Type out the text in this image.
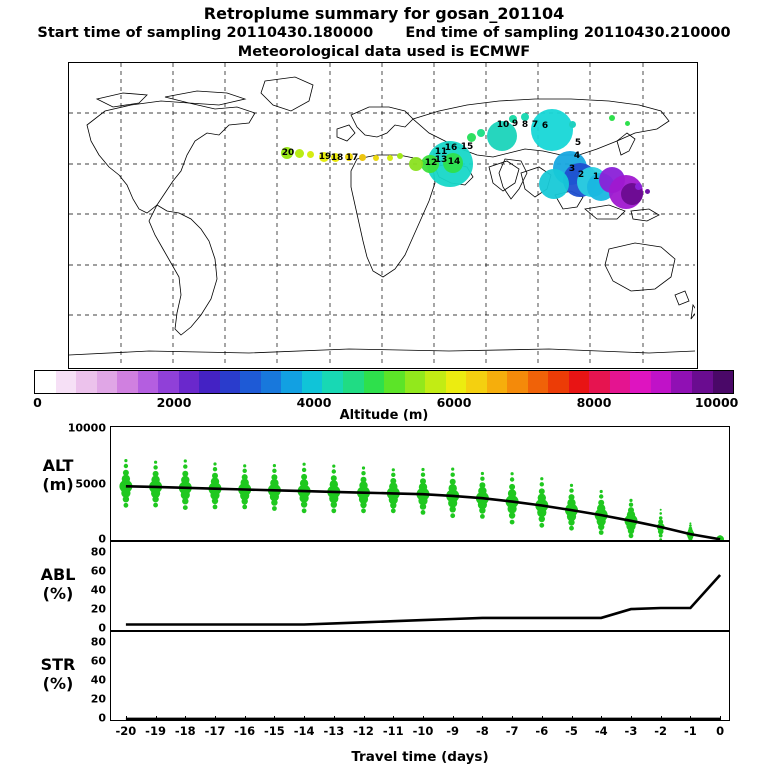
Retroplume summary for gosan_201104
Start time of sampling 20110430.180000 End time of sampling 20110430.210000
Meteorological data used is ECMWF
20	19 18 17
16 15
14
13
12
11
10 9 8 7 6
5
4
3
2 1
0	2000	4000	6000	8000	10000
Altitude (m)
ALT
(m)
10000
5000
0
ABL
(%)
80
60
40
20
0
STR
(%)
80
60
40
20
0
-20 -19 -18 -17 -16 -15 -14 -13 -12 -11 -10 -9 -8 -7 -6 -5 -4 -3 -2 -1 0
Travel time (days)
